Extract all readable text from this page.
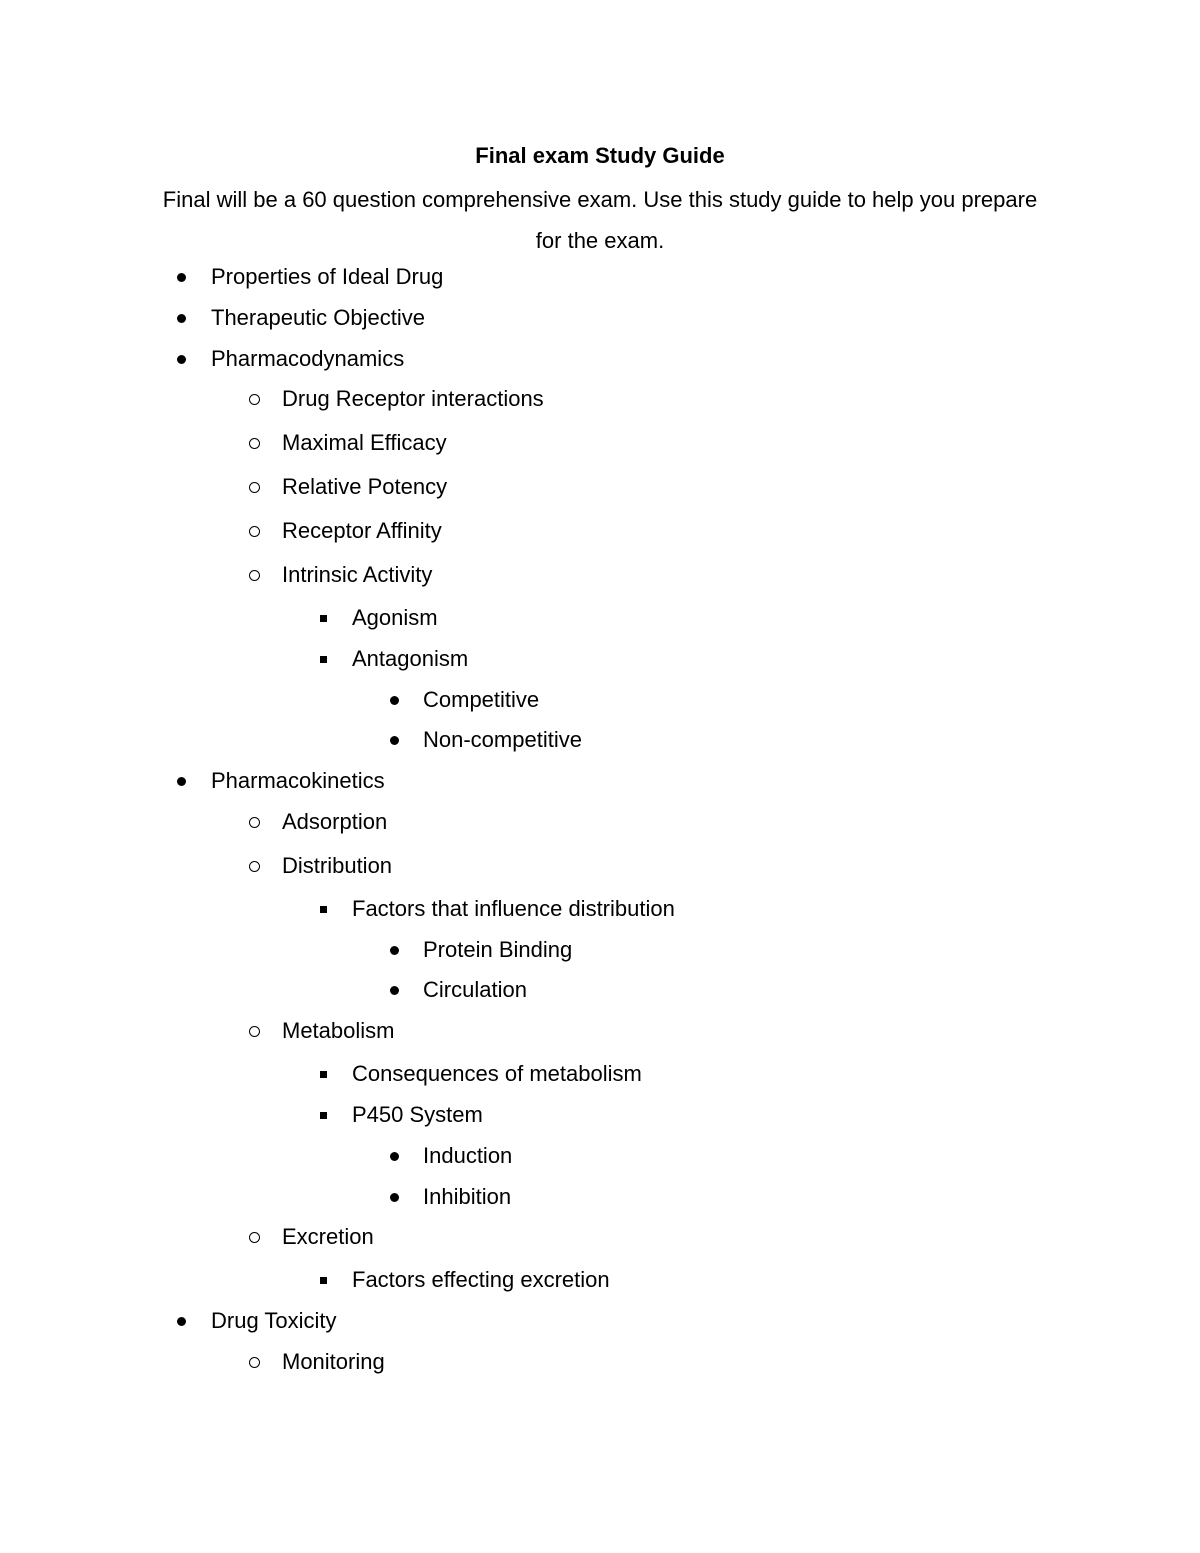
Final exam Study Guide
Final will be a 60 question comprehensive exam. Use this study guide to help you prepare for the exam.
Properties of Ideal Drug
Therapeutic Objective
Pharmacodynamics
Drug Receptor interactions
Maximal Efficacy
Relative Potency
Receptor Affinity
Intrinsic Activity
Agonism
Antagonism
Competitive
Non-competitive
Pharmacokinetics
Adsorption
Distribution
Factors that influence distribution
Protein Binding
Circulation
Metabolism
Consequences of metabolism
P450 System
Induction
Inhibition
Excretion
Factors effecting excretion
Drug Toxicity
Monitoring
